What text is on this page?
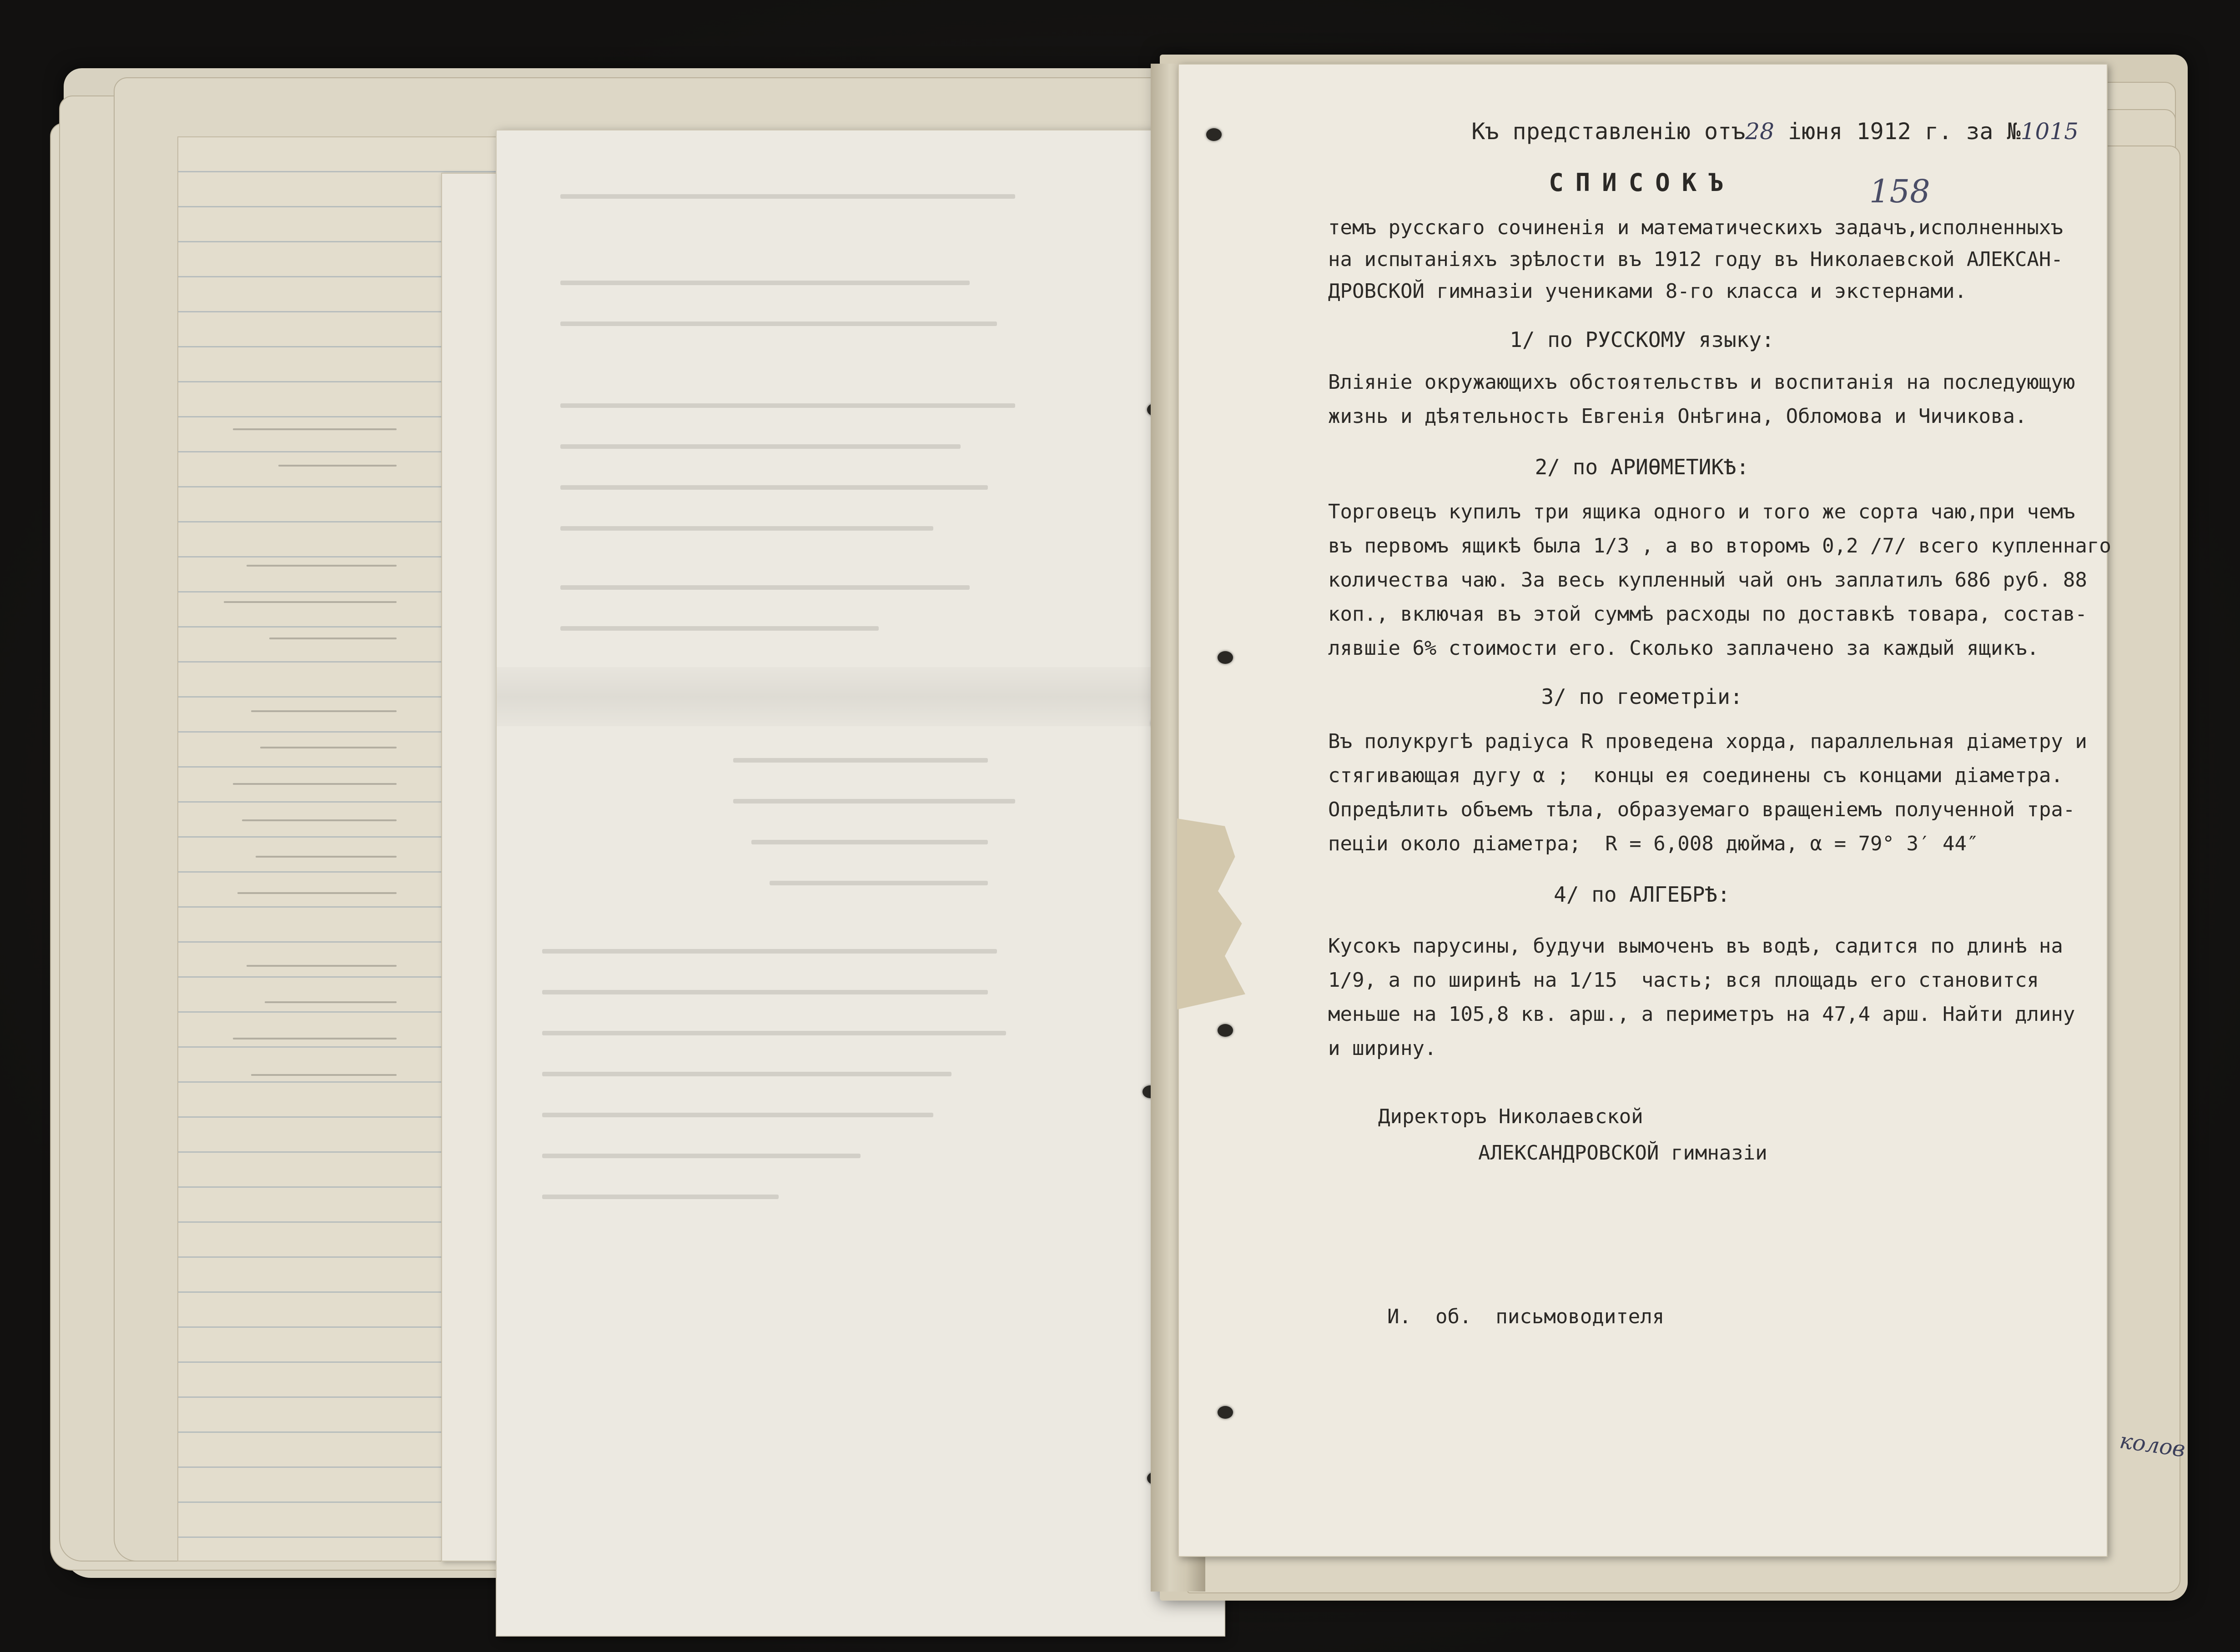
Къ представленію отъ28 іюня 1912 г. за №1015
СПИСОКЪ	158
темъ русскаго сочиненія и математическихъ задачъ,исполненныхъ
на испытаніяхъ зрѣлости въ 1912 году въ Николаевской АЛЕКСАН-
ДРОВСКОЙ гимназіи учениками 8-го класса и экстернами.
1/ по РУССКОМУ языку:
Вліяніе окружающихъ обстоятельствъ и воспитанія на последующую
жизнь и дѣятельность Евгенія Онѣгина, Обломова и Чичикова.
2/ по АРИѲМЕТИКѢ:
Торговецъ купилъ три ящика одного и того же сорта чаю,при чемъ
въ первомъ ящикѣ была 1/3 , а во второмъ 0,2 /7/ всего купленнаго
количества чаю. За весь купленный чай онъ заплатилъ 686 руб. 88
коп., включая въ этой суммѣ расходы по доставкѣ товара, состав-
лявшіе 6% стоимости его. Сколько заплачено за каждый ящикъ.
3/ по геометріи:
Въ полукругѣ радіуса R проведена хорда, параллельная діаметру и
стягивающая дугу α ;  концы ея соединены съ концами діаметра.
Опредѣлить объемъ тѣла, образуемаго вращеніемъ полученной тра-
пеціи около діаметра;  R = 6,008 дюйма, α = 79° 3′ 44″
4/ по АЛГЕБРѢ:
Кусокъ парусины, будучи вымоченъ въ водѣ, садится по длинѣ на
1/9, а по ширинѣ на 1/15  часть; вся площадь его становится
меньше на 105,8 кв. арш., а периметръ на 47,4 арш. Найти длину
и ширину.
Директоръ Николаевской
АЛЕКСАНДРОВСКОЙ гимназіи
И.  об.  письмоводителя
колов
